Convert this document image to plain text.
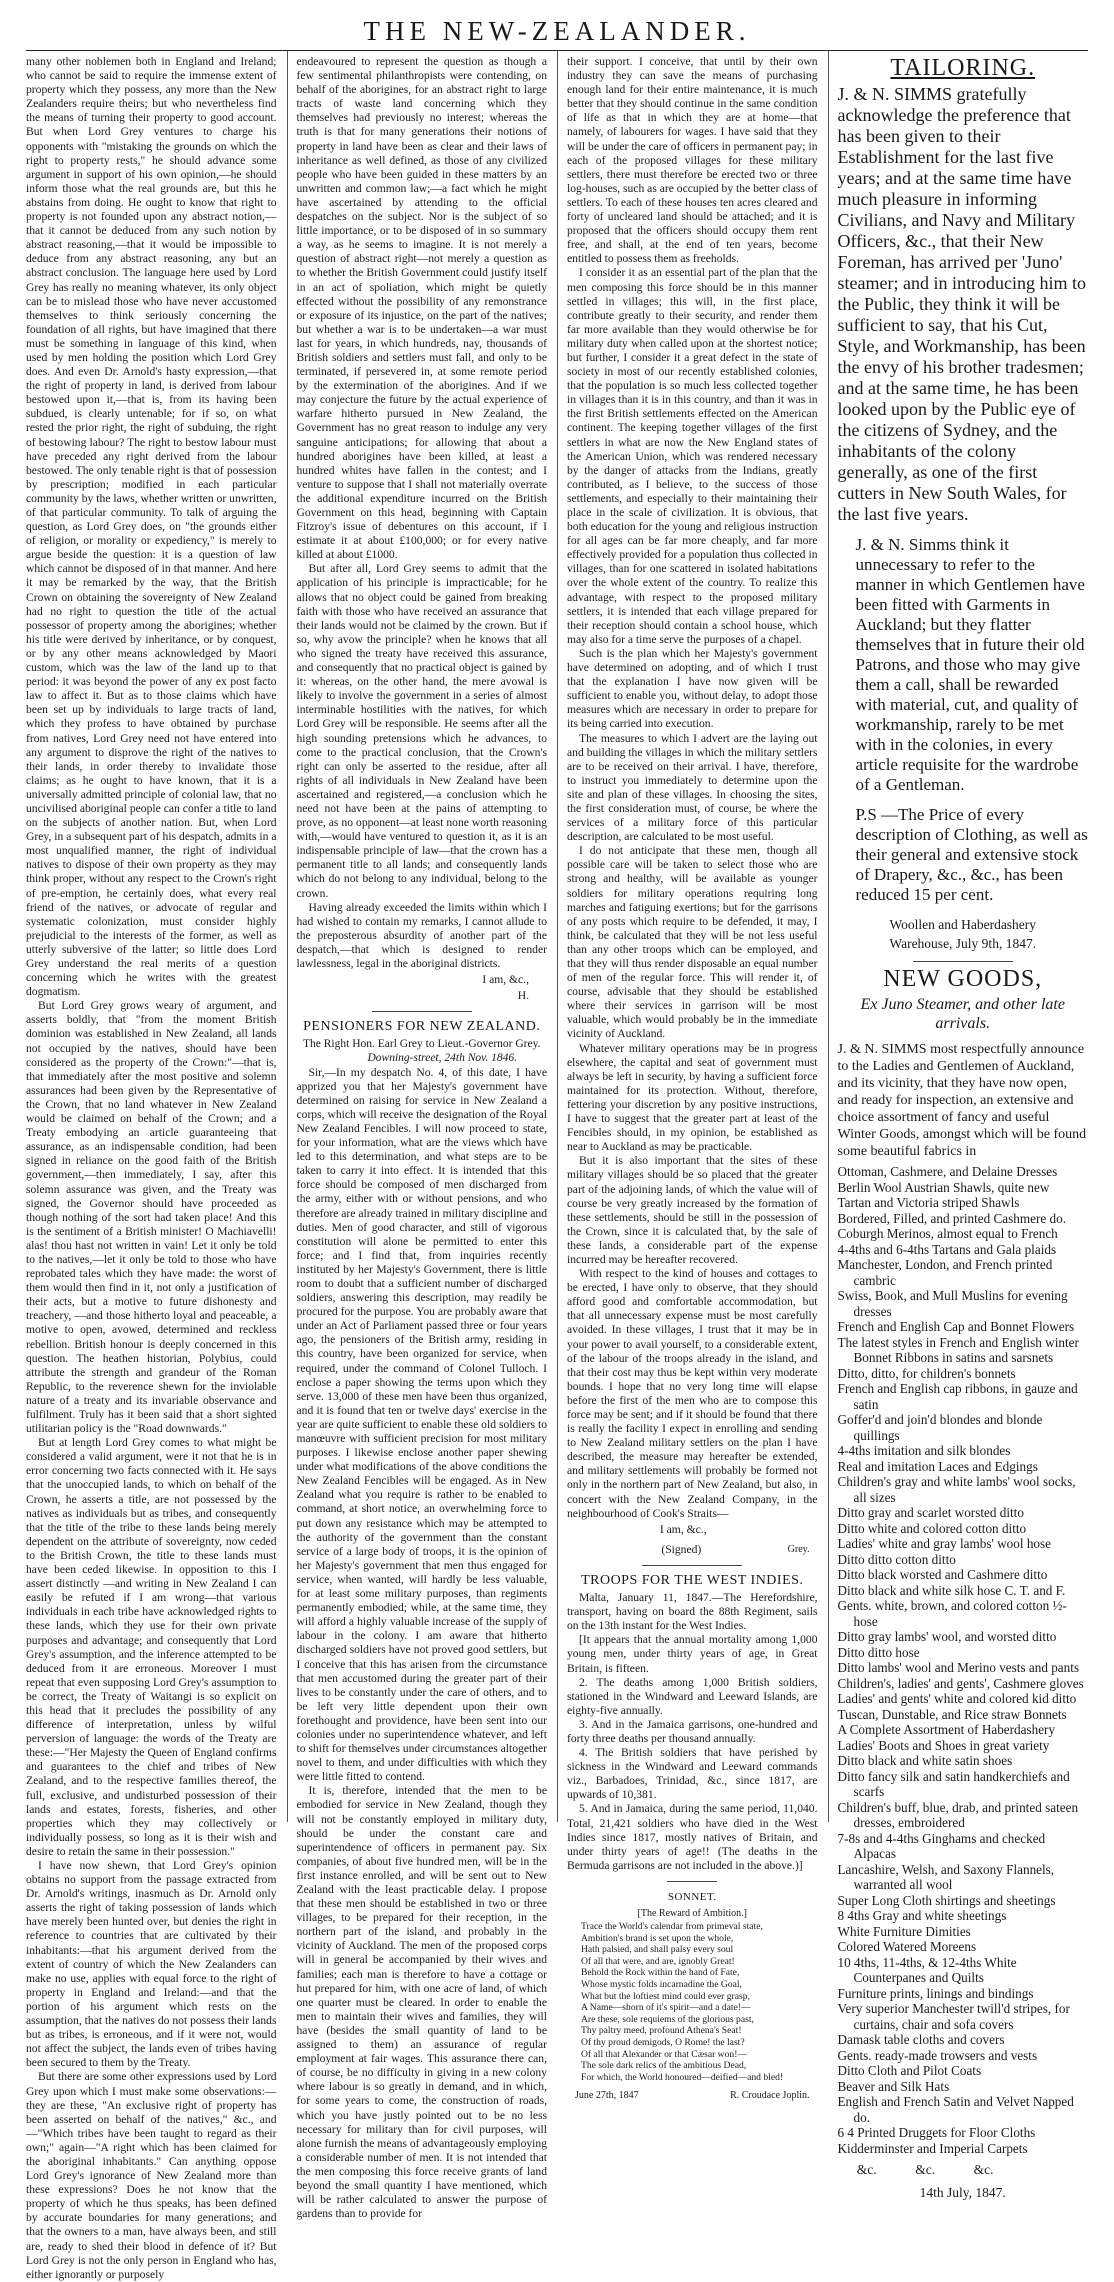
THE NEW-ZEALANDER.

many other noblemen both in England and Ireland; who cannot be said to require the immense extent of property which they possess, any more than the New Zealanders require theirs; but who nevertheless find the means of turning their property to good account. But when Lord Grey ventures to charge his opponents with "mistaking the grounds on which the right to property rests," he should advance some argument in support of his own opinion,—he should inform those what the real grounds are, but this he abstains from doing. He ought to know that right to property is not founded upon any abstract notion,—that it cannot be deduced from any such notion by abstract reasoning,—that it would be impossible to deduce from any abstract reasoning, any but an abstract conclusion. The language here used by Lord Grey has really no meaning whatever, its only object can be to mislead those who have never accustomed themselves to think seriously concerning the foundation of all rights, but have imagined that there must be something in language of this kind, when used by men holding the position which Lord Grey does. And even Dr. Arnold's hasty expression,—that the right of property in land, is derived from labour bestowed upon it,—that is, from its having been subdued, is clearly untenable; for if so, on what rested the prior right, the right of subduing, the right of bestowing labour? The right to bestow labour must have preceded any right derived from the labour bestowed. The only tenable right is that of possession by prescription; modified in each particular community by the laws, whether written or unwritten, of that particular community. To talk of arguing the question, as Lord Grey does, on "the grounds either of religion, or morality or expediency," is merely to argue beside the question: it is a question of law which cannot be disposed of in that manner. And here it may be remarked by the way, that the British Crown on obtaining the sovereignty of New Zealand had no right to question the title of the actual possessor of property among the aborigines; whether his title were derived by inheritance, or by conquest, or by any other means acknowledged by Maori custom, which was the law of the land up to that period: it was beyond the power of any ex post facto law to affect it. But as to those claims which have been set up by individuals to large tracts of land, which they profess to have obtained by purchase from natives, Lord Grey need not have entered into any argument to disprove the right of the natives to their lands, in order thereby to invalidate those claims; as he ought to have known, that it is a universally admitted principle of colonial law, that no uncivilised aboriginal people can confer a title to land on the subjects of another nation. But, when Lord Grey, in a subsequent part of his despatch, admits in a most unqualified manner, the right of individual natives to dispose of their own property as they may think proper, without any respect to the Crown's right of pre-emption, he certainly does, what every real friend of the natives, or advocate of regular and systematic colonization, must consider highly prejudicial to the interests of the former, as well as utterly subversive of the latter; so little does Lord Grey understand the real merits of a question concerning which he writes with the greatest dogmatism.

But Lord Grey grows weary of argument, and asserts boldly, that "from the moment British dominion was established in New Zealand, all lands not occupied by the natives, should have been considered as the property of the Crown:"—that is, that immediately after the most positive and solemn assurances had been given by the Representative of the Crown, that no land whatever in New Zealand would be claimed on behalf of the Crown; and a Treaty embodying an article guaranteeing that assurance, as an indispensable condition, had been signed in reliance on the good faith of the British government,—then immediately, I say, after this solemn assurance was given, and the Treaty was signed, the Governor should have proceeded as though nothing of the sort had taken place! And this is the sentiment of a British minister! O Machiavelli! alas! thou hast not written in vain! Let it only be told to the natives,—let it only be told to those who have reprobated tales which they have made: the worst of them would then find in it, not only a justification of their acts, but a motive to future dishonesty and treachery, —and those hitherto loyal and peaceable, a motive to open, avowed, determined and reckless rebellion. British honour is deeply concerned in this question. The heathen historian, Polybius, could attribute the strength and grandeur of the Roman Republic, to the reverence shewn for the inviolable nature of a treaty and its invariable observance and fulfilment. Truly has it been said that a short sighted utilitarian policy is the "Road downwards."

But at length Lord Grey comes to what might be considered a valid argument, were it not that he is in error concerning two facts connected with it. He says that the unoccupied lands, to which on behalf of the Crown, he asserts a title, are not possessed by the natives as individuals but as tribes, and consequently that the title of the tribe to these lands being merely dependent on the attribute of sovereignty, now ceded to the British Crown, the title to these lands must have been ceded likewise. In opposition to this I assert distinctly —and writing in New Zealand I can easily be refuted if I am wrong—that various individuals in each tribe have acknowledged rights to these lands, which they use for their own private purposes and advantage; and consequently that Lord Grey's assumption, and the inference attempted to be deduced from it are erroneous. Moreover I must repeat that even supposing Lord Grey's assumption to be correct, the Treaty of Waitangi is so explicit on this head that it precludes the possibility of any difference of interpretation, unless by wilful perversion of language: the words of the Treaty are these:—"Her Majesty the Queen of England confirms and guarantees to the chief and tribes of New Zealand, and to the respective families thereof, the full, exclusive, and undisturbed possession of their lands and estates, forests, fisheries, and other properties which they may collectively or individually possess, so long as it is their wish and desire to retain the same in their possession."

I have now shewn, that Lord Grey's opinion obtains no support from the passage extracted from Dr. Arnold's writings, inasmuch as Dr. Arnold only asserts the right of taking possession of lands which have merely been hunted over, but denies the right in reference to countries that are cultivated by their inhabitants:—that his argument derived from the extent of country of which the New Zealanders can make no use, applies with equal force to the right of property in England and Ireland:—and that the portion of his argument which rests on the assumption, that the natives do not possess their lands but as tribes, is erroneous, and if it were not, would not affect the subject, the lands even of tribes having been secured to them by the Treaty.

But there are some other expressions used by Lord Grey upon which I must make some observations:—they are these, "An exclusive right of property has been asserted on behalf of the natives," &c., and—"Which tribes have been taught to regard as their own;" again—"A right which has been claimed for the aboriginal inhabitants." Can anything oppose Lord Grey's ignorance of New Zealand more than these expressions? Does he not know that the property of which he thus speaks, has been defined by accurate boundaries for many generations; and that the owners to a man, have always been, and still are, ready to shed their blood in defence of it? But Lord Grey is not the only person in England who has, either ignorantly or purposely

endeavoured to represent the question as though a few sentimental philanthropists were contending, on behalf of the aborigines, for an abstract right to large tracts of waste land concerning which they themselves had previously no interest; whereas the truth is that for many generations their notions of property in land have been as clear and their laws of inheritance as well defined, as those of any civilized people who have been guided in these matters by an unwritten and common law;—a fact which he might have ascertained by attending to the official despatches on the subject. Nor is the subject of so little importance, or to be disposed of in so summary a way, as he seems to imagine. It is not merely a question of abstract right—not merely a question as to whether the British Government could justify itself in an act of spoliation, which might be quietly effected without the possibility of any remonstrance or exposure of its injustice, on the part of the natives; but whether a war is to be undertaken—a war must last for years, in which hundreds, nay, thousands of British soldiers and settlers must fall, and only to be terminated, if persevered in, at some remote period by the extermination of the aborigines. And if we may conjecture the future by the actual experience of warfare hitherto pursued in New Zealand, the Government has no great reason to indulge any very sanguine anticipations; for allowing that about a hundred aborigines have been killed, at least a hundred whites have fallen in the contest; and I venture to suppose that I shall not materially overrate the additional expenditure incurred on the British Government on this head, beginning with Captain Fitzroy's issue of debentures on this account, if I estimate it at about £100,000; or for every native killed at about £1000.

But after all, Lord Grey seems to admit that the application of his principle is impracticable; for he allows that no object could be gained from breaking faith with those who have received an assurance that their lands would not be claimed by the crown. But if so, why avow the principle? when he knows that all who signed the treaty have received this assurance, and consequently that no practical object is gained by it: whereas, on the other hand, the mere avowal is likely to involve the government in a series of almost interminable hostilities with the natives, for which Lord Grey will be responsible. He seems after all the high sounding pretensions which he advances, to come to the practical conclusion, that the Crown's right can only be asserted to the residue, after all rights of all individuals in New Zealand have been ascertained and registered,—a conclusion which he need not have been at the pains of attempting to prove, as no opponent—at least none worth reasoning with,—would have ventured to question it, as it is an indispensable principle of law—that the crown has a permanent title to all lands; and consequently lands which do not belong to any individual, belong to the crown.

Having already exceeded the limits within which I had wished to contain my remarks, I cannot allude to the preposterous absurdity of another part of the despatch,—that which is designed to render lawlessness, legal in the aboriginal districts.

I am, &c.,
H.
PENSIONERS FOR NEW ZEALAND.
The Right Hon. Earl Grey to Lieut.-Governor Grey.
Downing-street, 24th Nov. 1846.

Sir,—In my despatch No. 4, of this date, I have apprized you that her Majesty's government have determined on raising for service in New Zealand a corps, which will receive the designation of the Royal New Zealand Fencibles. I will now proceed to state, for your information, what are the views which have led to this determination, and what steps are to be taken to carry it into effect. It is intended that this force should be composed of men discharged from the army, either with or without pensions, and who therefore are already trained in military discipline and duties. Men of good character, and still of vigorous constitution will alone be permitted to enter this force; and I find that, from inquiries recently instituted by her Majesty's Government, there is little room to doubt that a sufficient number of discharged soldiers, answering this description, may readily be procured for the purpose. You are probably aware that under an Act of Parliament passed three or four years ago, the pensioners of the British army, residing in this country, have been organized for service, when required, under the command of Colonel Tulloch. I enclose a paper showing the terms upon which they serve. 13,000 of these men have been thus organized, and it is found that ten or twelve days' exercise in the year are quite sufficient to enable these old soldiers to manœuvre with sufficient precision for most military purposes. I likewise enclose another paper shewing under what modifications of the above conditions the New Zealand Fencibles will be engaged. As in New Zealand what you require is rather to be enabled to command, at short notice, an overwhelming force to put down any resistance which may be attempted to the authority of the government than the constant service of a large body of troops, it is the opinion of her Majesty's government that men thus engaged for service, when wanted, will hardly be less valuable, for at least some military purposes, than regiments permanently embodied; while, at the same time, they will afford a highly valuable increase of the supply of labour in the colony. I am aware that hitherto discharged soldiers have not proved good settlers, but I conceive that this has arisen from the circumstance that men accustomed during the greater part of their lives to be constantly under the care of others, and to be left very little dependent upon their own forethought and providence, have been sent into our colonies under no superintendence whatever, and left to shift for themselves under circumstances altogether novel to them, and under difficulties with which they were little fitted to contend.

It is, therefore, intended that the men to be embodied for service in New Zealand, though they will not be constantly employed in military duty, should be under the constant care and superintendence of officers in permanent pay. Six companies, of about five hundred men, will be in the first instance enrolled, and will be sent out to New Zealand with the least practicable delay. I propose that these men should be established in two or three villages, to be prepared for their reception, in the northern part of the island, and probably in the vicinity of Auckland. The men of the proposed corps will in general be accompanied by their wives and families; each man is therefore to have a cottage or hut prepared for him, with one acre of land, of which one quarter must be cleared. In order to enable the men to maintain their wives and families, they will have (besides the small quantity of land to be assigned to them) an assurance of regular employment at fair wages. This assurance there can, of course, be no difficulty in giving in a new colony where labour is so greatly in demand, and in which, for some years to come, the construction of roads, which you have justly pointed out to be no less necessary for military than for civil purposes, will alone furnish the means of advantageously employing a considerable number of men. It is not intended that the men composing this force receive grants of land beyond the small quantity I have mentioned, which will be rather calculated to answer the purpose of gardens than to provide for

their support. I conceive, that until by their own industry they can save the means of purchasing enough land for their entire maintenance, it is much better that they should continue in the same condition of life as that in which they are at home—that namely, of labourers for wages. I have said that they will be under the care of officers in permanent pay; in each of the proposed villages for these military settlers, there must therefore be erected two or three log-houses, such as are occupied by the better class of settlers. To each of these houses ten acres cleared and forty of uncleared land should be attached; and it is proposed that the officers should occupy them rent free, and shall, at the end of ten years, become entitled to possess them as freeholds.

I consider it as an essential part of the plan that the men composing this force should be in this manner settled in villages; this will, in the first place, contribute greatly to their security, and render them far more available than they would otherwise be for military duty when called upon at the shortest notice; but further, I consider it a great defect in the state of society in most of our recently established colonies, that the population is so much less collected together in villages than it is in this country, and than it was in the first British settlements effected on the American continent. The keeping together villages of the first settlers in what are now the New England states of the American Union, which was rendered necessary by the danger of attacks from the Indians, greatly contributed, as I believe, to the success of those settlements, and especially to their maintaining their place in the scale of civilization. It is obvious, that both education for the young and religious instruction for all ages can be far more cheaply, and far more effectively provided for a population thus collected in villages, than for one scattered in isolated habitations over the whole extent of the country. To realize this advantage, with respect to the proposed military settlers, it is intended that each village prepared for their reception should contain a school house, which may also for a time serve the purposes of a chapel.

Such is the plan which her Majesty's government have determined on adopting, and of which I trust that the explanation I have now given will be sufficient to enable you, without delay, to adopt those measures which are necessary in order to prepare for its being carried into execution.

The measures to which I advert are the laying out and building the villages in which the military settlers are to be received on their arrival. I have, therefore, to instruct you immediately to determine upon the site and plan of these villages. In choosing the sites, the first consideration must, of course, be where the services of a military force of this particular description, are calculated to be most useful.

I do not anticipate that these men, though all possible care will be taken to select those who are strong and healthy, will be available as younger soldiers for military operations requiring long marches and fatiguing exertions; but for the garrisons of any posts which require to be defended, it may, I think, be calculated that they will be not less useful than any other troops which can be employed, and that they will thus render disposable an equal number of men of the regular force. This will render it, of course, advisable that they should be established where their services in garrison will be most valuable, which would probably be in the immediate vicinity of Auckland.

Whatever military operations may be in progress elsewhere, the capital and seat of government must always be left in security, by having a sufficient force maintained for its protection. Without, therefore, fettering your discretion by any positive instructions, I have to suggest that the greater part at least of the Fencibles should, in my opinion, be established as near to Auckland as may be practicable.

But it is also important that the sites of these military villages should be so placed that the greater part of the adjoining lands, of which the value will of course be very greatly increased by the formation of these settlements, should be still in the possession of the Crown, since it is calculated that, by the sale of these lands, a considerable part of the expense incurred may be hereafter recovered.

With respect to the kind of houses and cottages to be erected, I have only to observe, that they should afford good and comfortable accommodation, but that all unnecessary expense must be most carefully avoided. In these villages, I trust that it may be in your power to avail yourself, to a considerable extent, of the labour of the troops already in the island, and that their cost may thus be kept within very moderate bounds. I hope that no very long time will elapse before the first of the men who are to compose this force may be sent; and if it should be found that there is really the facility I expect in enrolling and sending to New Zealand military settlers on the plan I have described, the measure may hereafter be extended, and military settlements will probably be formed not only in the northern part of New Zealand, but also, in concert with the New Zealand Company, in the neighbourhood of Cook's Straits—

I am, &c.,
(Signed)	Grey.
TROOPS FOR THE WEST INDIES.

Malta, January 11, 1847.—The Herefordshire, transport, having on board the 88th Regiment, sails on the 13th instant for the West Indies.

[It appears that the annual mortality among 1,000 young men, under thirty years of age, in Great Britain, is fifteen.

2. The deaths among 1,000 British soldiers, stationed in the Windward and Leeward Islands, are eighty-five annually.

3. And in the Jamaica garrisons, one-hundred and forty three deaths per thousand annually.

4. The British soldiers that have perished by sickness in the Windward and Leeward commands viz., Barbadoes, Trinidad, &c., since 1817, are upwards of 10,381.

5. And in Jamaica, during the same period, 11,040. Total, 21,421 soldiers who have died in the West Indies since 1817, mostly natives of Britain, and under thirty years of age!! (The deaths in the Bermuda garrisons are not included in the above.)]

SONNET.
[The Reward of Ambition.]
Trace the World's calendar from primeval state,
Ambition's brand is set upon the whole,
Hath palsied, and shall palsy every soul
Of all that were, and are, ignobly Great!
Behold the Rock within the hand of Fate,
Whose mystic folds incarnadine the Goal,
What but the loftiest mind could ever grasp,
A Name—shorn of it's spirit—and a date!—
Are these, sole requiems of the glorious past,
Thy paltry meed, profound Athena's Seat!
Of thy proud demigods, O Rome! the last?
Of all that Alexander or that Cæsar won!—
The sole dark relics of the ambitious Dead,
For which, the World honoured—deified—and bled!
June 27th, 1847	R. Croudace Joplin.
TAILORING.

J. & N. SIMMS gratefully acknowledge the preference that has been given to their Establishment for the last five years; and at the same time have much pleasure in informing Civilians, and Navy and Military Officers, &c., that their New Foreman, has arrived per 'Juno' steamer; and in introducing him to the Public, they think it will be sufficient to say, that his Cut, Style, and Workmanship, has been the envy of his brother tradesmen; and at the same time, he has been looked upon by the Public eye of the citizens of Sydney, and the inhabitants of the colony generally, as one of the first cutters in New South Wales, for the last five years.

J. & N. Simms think it unnecessary to refer to the manner in which Gentlemen have been fitted with Garments in Auckland; but they flatter themselves that in future their old Patrons, and those who may give them a call, shall be rewarded with material, cut, and quality of workmanship, rarely to be met with in the colonies, in every article requisite for the wardrobe of a Gentleman.

P.S —The Price of every description of Clothing, as well as their general and extensive stock of Drapery, &c., &c., has been reduced 15 per cent.

Woollen and Haberdashery
Warehouse, July 9th, 1847.
NEW GOODS,
Ex Juno Steamer, and other late arrivals.

J. & N. SIMMS most respectfully announce to the Ladies and Gentlemen of Auckland, and its vicinity, that they have now open, and ready for inspection, an extensive and choice assortment of fancy and useful Winter Goods, amongst which will be found some beautiful fabrics in

Ottoman, Cashmere, and Delaine Dresses
Berlin Wool Austrian Shawls, quite new
Tartan and Victoria striped Shawls
Bordered, Filled, and printed Cashmere do.
Coburgh Merinos, almost equal to French
4-4ths and 6-4ths Tartans and Gala plaids
Manchester, London, and French printed cambric
Swiss, Book, and Mull Muslins for evening dresses
French and English Cap and Bonnet Flowers
The latest styles in French and English winter Bonnet Ribbons in satins and sarsnets
Ditto, ditto, for children's bonnets
French and English cap ribbons, in gauze and satin
Goffer'd and join'd blondes and blonde quillings
4-4ths imitation and silk blondes
Real and imitation Laces and Edgings
Children's gray and white lambs' wool socks, all sizes
Ditto gray and scarlet worsted ditto
Ditto white and colored cotton ditto
Ladies' white and gray lambs' wool hose
Ditto ditto cotton ditto
Ditto black worsted and Cashmere ditto
Ditto black and white silk hose C. T. and F.
Gents. white, brown, and colored cotton ½-hose
Ditto gray lambs' wool, and worsted ditto
Ditto ditto hose
Ditto lambs' wool and Merino vests and pants
Children's, ladies' and gents', Cashmere gloves
Ladies' and gents' white and colored kid ditto
Tuscan, Dunstable, and Rice straw Bonnets
A Complete Assortment of Haberdashery
Ladies' Boots and Shoes in great variety
Ditto black and white satin shoes
Ditto fancy silk and satin handkerchiefs and scarfs
Children's buff, blue, drab, and printed sateen dresses, embroidered
7-8s and 4-4ths Ginghams and checked Alpacas
Lancashire, Welsh, and Saxony Flannels, warranted all wool
Super Long Cloth shirtings and sheetings
8 4ths Gray and white sheetings
White Furniture Dimities
Colored Watered Moreens
10 4ths, 11-4ths, & 12-4ths White Counterpanes and Quilts
Furniture prints, linings and bindings
Very superior Manchester twill'd stripes, for curtains, chair and sofa covers
Damask table cloths and covers
Gents. ready-made trowsers and vests
Ditto Cloth and Pilot Coats
Beaver and Silk Hats
English and French Satin and Velvet Napped do.
6 4 Printed Druggets for Floor Cloths
Kidderminster and Imperial Carpets
&c.	&c.	&c.
14th July, 1847.
